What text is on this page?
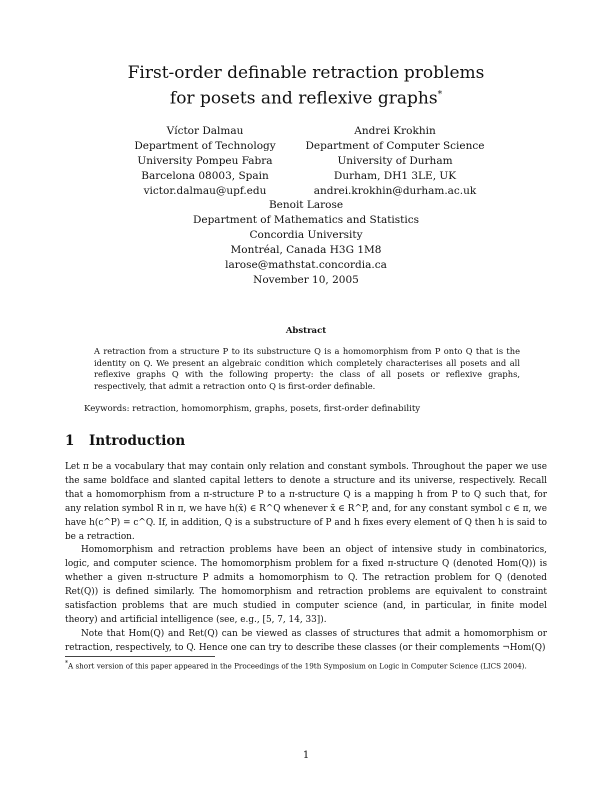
First-order definable retraction problems
for posets and reflexive graphs*
Víctor Dalmau
Department of Technology
University Pompeu Fabra
Barcelona 08003, Spain
victor.dalmau@upf.edu
Andrei Krokhin
Department of Computer Science
University of Durham
Durham, DH1 3LE, UK
andrei.krokhin@durham.ac.uk
Benoit Larose
Department of Mathematics and Statistics
Concordia University
Montréal, Canada H3G 1M8
larose@mathstat.concordia.ca
November 10, 2005
Abstract
A retraction from a structure P to its substructure Q is a homomorphism from P onto Q that is the identity on Q. We present an algebraic condition which completely characterises all posets and all reflexive graphs Q with the following property: the class of all posets or reflexive graphs, respectively, that admit a retraction onto Q is first-order definable.
Keywords: retraction, homomorphism, graphs, posets, first-order definability
1 Introduction

Let π be a vocabulary that may contain only relation and constant symbols. Throughout the paper we use the same boldface and slanted capital letters to denote a structure and its universe, respectively. Recall that a homomorphism from a π-structure P to a π-structure Q is a mapping h from P to Q such that, for any relation symbol R in π, we have h(x̄) ∈ R^Q whenever x̄ ∈ R^P, and, for any constant symbol c ∈ π, we have h(c^P) = c^Q. If, in addition, Q is a substructure of P and h fixes every element of Q then h is said to be a retraction.

Homomorphism and retraction problems have been an object of intensive study in combinatorics, logic, and computer science. The homomorphism problem for a fixed π-structure Q (denoted Hom(Q)) is whether a given π-structure P admits a homomorphism to Q. The retraction problem for Q (denoted Ret(Q)) is defined similarly. The homomorphism and retraction problems are equivalent to constraint satisfaction problems that are much studied in computer science (and, in particular, in finite model theory) and artificial intelligence (see, e.g., [5, 7, 14, 33]).

Note that Hom(Q) and Ret(Q) can be viewed as classes of structures that admit a homomorphism or retraction, respectively, to Q. Hence one can try to describe these classes (or their complements ¬Hom(Q)

*A short version of this paper appeared in the Proceedings of the 19th Symposium on Logic in Computer Science (LICS 2004).
1
